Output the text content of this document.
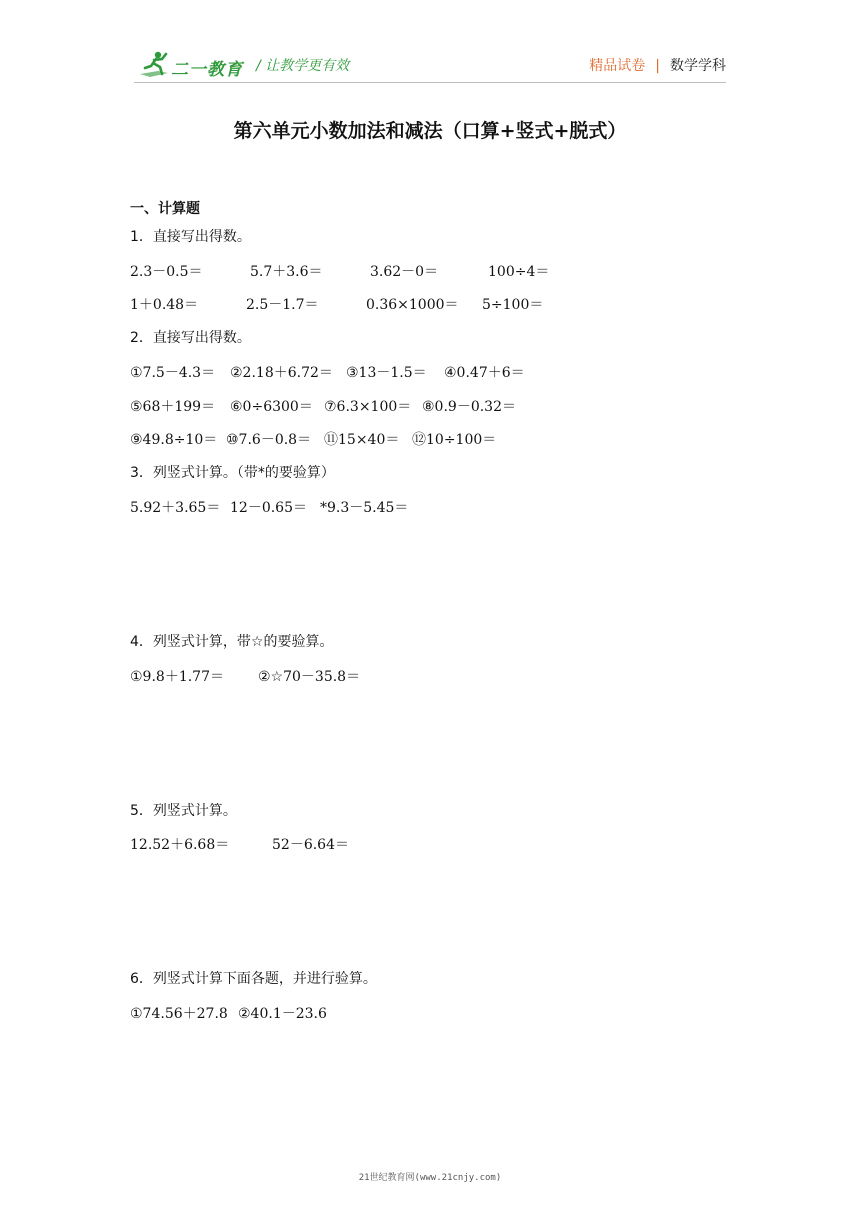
二一教育 / 让教学更有效	精品试卷 | 数学学科
第六单元小数加法和减法（口算+竖式+脱式）
一、计算题
1．直接写出得数。
2.3－0.5＝	5.7＋3.6＝	3.62－0＝	100÷4＝
1＋0.48＝	2.5－1.7＝	0.36×1000＝ 5÷100＝
2．直接写出得数。
①7.5－4.3＝ ②2.18＋6.72＝ ③13－1.5＝ ④0.47＋6＝
⑤68＋199＝ ⑥0÷6300＝ ⑦6.3×100＝ ⑧0.9－0.32＝
⑨49.8÷10＝ ⑩7.6－0.8＝ ⑪15×40＝ ⑫10÷100＝
3．列竖式计算。（带*的要验算）
5.92＋3.65＝ 12－0.65＝ *9.3－5.45＝
4．列竖式计算，带☆的要验算。
①9.8＋1.77＝ ②☆70－35.8＝
5．列竖式计算。
12.52＋6.68＝	52－6.64＝
6．列竖式计算下面各题，并进行验算。
①74.56＋27.8 ②40.1－23.6
21世纪教育网(www.21cnjy.com)
